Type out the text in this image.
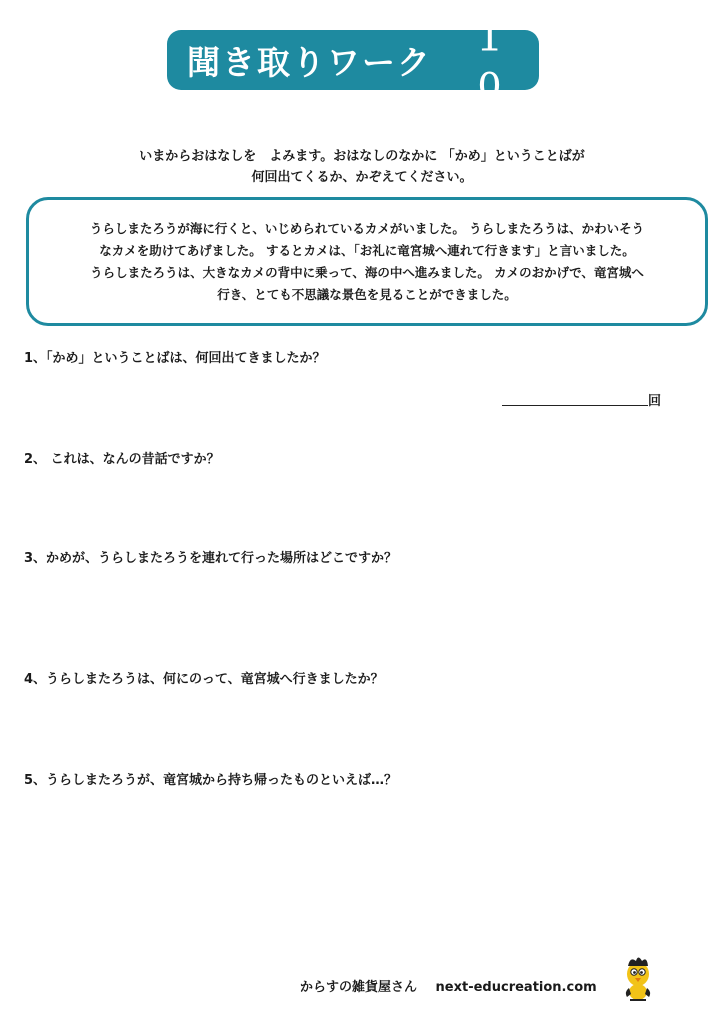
聞き取りワーク
１０
いまからおはなしを　よみます。おはなしのなかに 「かめ」ということばが
何回出てくるか、かぞえてください。

うらしまたろうが海に行くと、いじめられているカメがいました。 うらしまたろうは、かわいそう

なカメを助けてあげました。 するとカメは、「お礼に竜宮城へ連れて行きます」と言いました。

うらしまたろうは、大きなカメの背中に乗って、海の中へ進みました。 カメのおかげで、竜宮城へ

行き、とても不思議な景色を見ることができました。

1、「かめ」ということばは、何回出てきましたか？
回
2、 これは、なんの昔話ですか？
3、かめが、うらしまたろうを連れて行った場所はどこですか？
4、うらしまたろうは、何にのって、竜宮城へ行きましたか？
5、うらしまたろうが、竜宮城から持ち帰ったものといえば…？
からすの雑貨屋さん next-educreation.com
